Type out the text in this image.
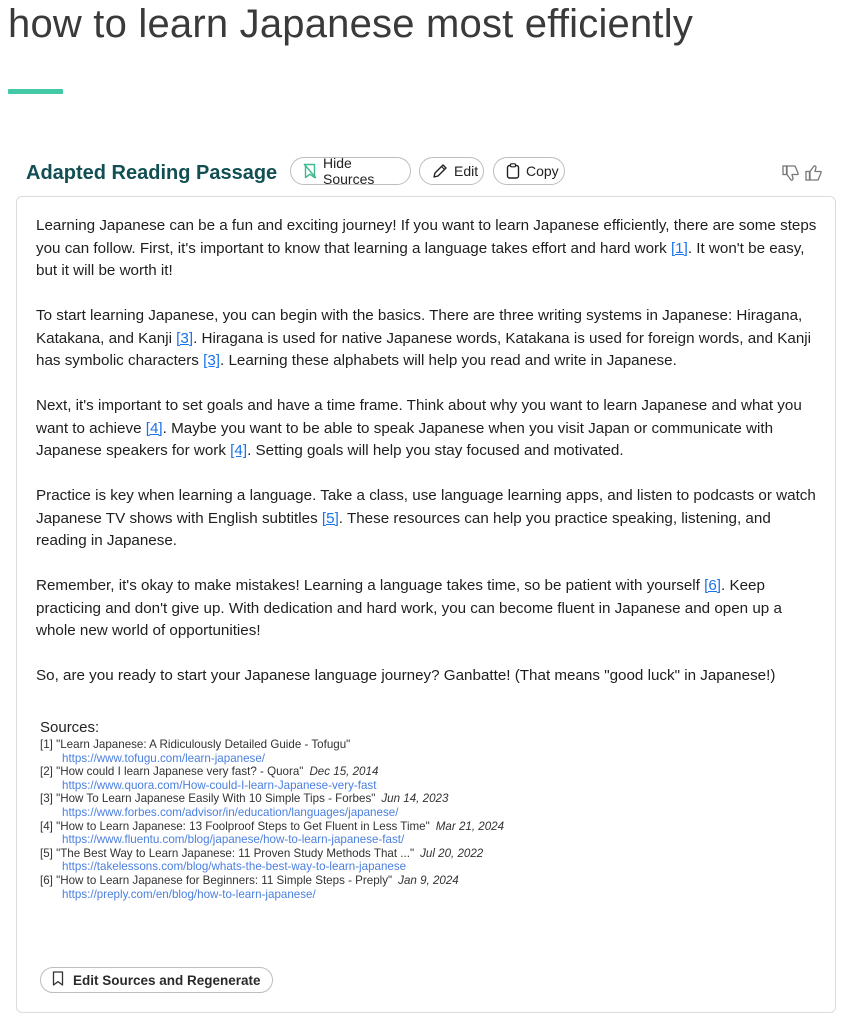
how to learn Japanese most efficiently
Adapted Reading Passage	Hide Sources	Edit	Copy

Learning Japanese can be a fun and exciting journey! If you want to learn Japanese efficiently, there are some steps you can follow. First, it's important to know that learning a language takes effort and hard work [1]. It won't be easy, but it will be worth it!

To start learning Japanese, you can begin with the basics. There are three writing systems in Japanese: Hiragana, Katakana, and Kanji [3]. Hiragana is used for native Japanese words, Katakana is used for foreign words, and Kanji has symbolic characters [3]. Learning these alphabets will help you read and write in Japanese.

Next, it's important to set goals and have a time frame. Think about why you want to learn Japanese and what you want to achieve [4]. Maybe you want to be able to speak Japanese when you visit Japan or communicate with Japanese speakers for work [4]. Setting goals will help you stay focused and motivated.

Practice is key when learning a language. Take a class, use language learning apps, and listen to podcasts or watch Japanese TV shows with English subtitles [5]. These resources can help you practice speaking, listening, and reading in Japanese.

Remember, it's okay to make mistakes! Learning a language takes time, so be patient with yourself [6]. Keep practicing and don't give up. With dedication and hard work, you can become fluent in Japanese and open up a whole new world of opportunities!

So, are you ready to start your Japanese language journey? Ganbatte! (That means "good luck" in Japanese!)

Sources:
[1] "Learn Japanese: A Ridiculously Detailed Guide - Tofugu"
https://www.tofugu.com/learn-japanese/
[2] "How could I learn Japanese very fast? - Quora" Dec 15, 2014
https://www.quora.com/How-could-I-learn-Japanese-very-fast
[3] "How To Learn Japanese Easily With 10 Simple Tips - Forbes" Jun 14, 2023
https://www.forbes.com/advisor/in/education/languages/japanese/
[4] "How to Learn Japanese: 13 Foolproof Steps to Get Fluent in Less Time" Mar 21, 2024
https://www.fluentu.com/blog/japanese/how-to-learn-japanese-fast/
[5] "The Best Way to Learn Japanese: 11 Proven Study Methods That ..." Jul 20, 2022
https://takelessons.com/blog/whats-the-best-way-to-learn-japanese
[6] "How to Learn Japanese for Beginners: 11 Simple Steps - Preply" Jan 9, 2024
https://preply.com/en/blog/how-to-learn-japanese/
Edit Sources and Regenerate
